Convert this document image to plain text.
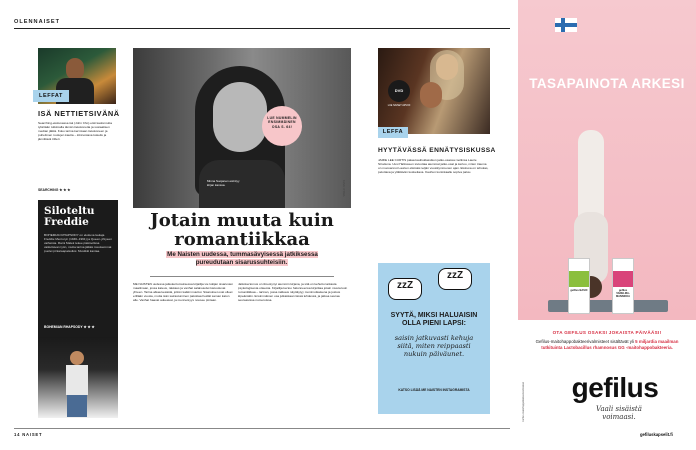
OLENNAISET
LEFFAT
ISÄ NETTIETSIVÄNÄ
Searching-elokuvassa isä (John Cho) etsii kadonnutta tytärtään tutkimalla tämän tietokonetta ja sosiaalisen median jälkiä. Koko tarina kerrotaan tietokoneen ja puhelimen ruutujen kautta – kiinnostava kokeilu ja jännittävä trilleri.
SEARCHING ★ ★ ★
Siloteltu Freddie
BOHEMIAN RHAPSODY on elokuva laulaja Freddie Mercuryn (1946–1991) ja Queen-yhtyeen vaiheista. Rami Malek tekee pääroolissa vaikuttavan työn, mutta tarina jättää rosoisemmat puolet pintaraapaisuiksi. Musiikki kantaa.
BOHEMIAN RHAPSODY ★ ★ ★
LUE NUMMELIN ENSIMMÄINEN OSA S. 64!
Minna Suojanen esiintyy kirjan kanssa.	KUVA: OTAVA
Jotain muuta kuin romantiikkaa
Me Naisten uudessa, tummasävyisessä jatkiksessa pureudutaan sisarussuhteisiin.
ME NAISTEN uudessa jatkokertomuksessa kirjailija vie lukijan sisarusten maailmaan, jossa kateus, rakkaus ja vanhat salaisuudet kietoutuvat yhteen. Tarina alkaa kesästä, jolloin kaikki muuttui. Sisarukset ovat olleet erillään vuosia, mutta isän sairastuminen pakottaa heidät saman katon alle. Vanhat haavat aukeavat, ja menneisyys nousee pintaan.
Jatkokertomus on ilmestynyt aiemmin kirjana, ja sitä on kehuttu tarkasta psykologisesta otteesta. Kirjailija kertoo halunneensa kirjoittaa jotain muuta kuin romantiikkaa – tarinan, jossa rakkaus näyttäytyy monimutkaisena ja joskus kipeänäkin. Ensimmäinen osa julkaistaan tässä lehdessä, ja jatkoa seuraa seuraavissa numeroissa.
DVD
LUE NAISET ARVIOI
LEFFA
HYYTÄVÄSSÄ ENNÄTYSISKUSSA
JAMIE LEE CURTIS palaa kauhuklassikon jatko-osassa rooliinsa Laurie Strodena. Uusi Halloween sivuuttaa aiemmat jatko-osat ja kertoo, miten trauma on muovannut Laurien elämää neljän vuosikymmenen ajan. Elokuva on tehokas, pelottava ja yllättävän koskettava. Kauhun kuninkaalle sopiva paluu.
zzZ
zzZ
SYYTÄ, MIKSI HALUAISIN OLLA PIENI LAPSI:
saisin jatkuvasti kehuja siitä, miten reippaasti nukuin päiväunet.
KATSO LISÄÄ ME NAISTEN INSTAGRAMISTA
14 NAISET
TASAPAINOTA ARKESI
gefilus BASIC	gefilus VADELMA-MANSIKKA
OTA GEFILUS OSAKSI JOKAISTA PÄIVÄÄSI!
Gefilus-maitohappobakteerivalmisteet sisältävät yli 5 miljardia maailman tutkituinta Lactobacillus rhamnosus GG -maitohappobakteeria.
gefilus
Vaali sisäistä
voimaasi.
gefiluskapselit.fi
Gefilus-maitohappobakteerivalmisteet
